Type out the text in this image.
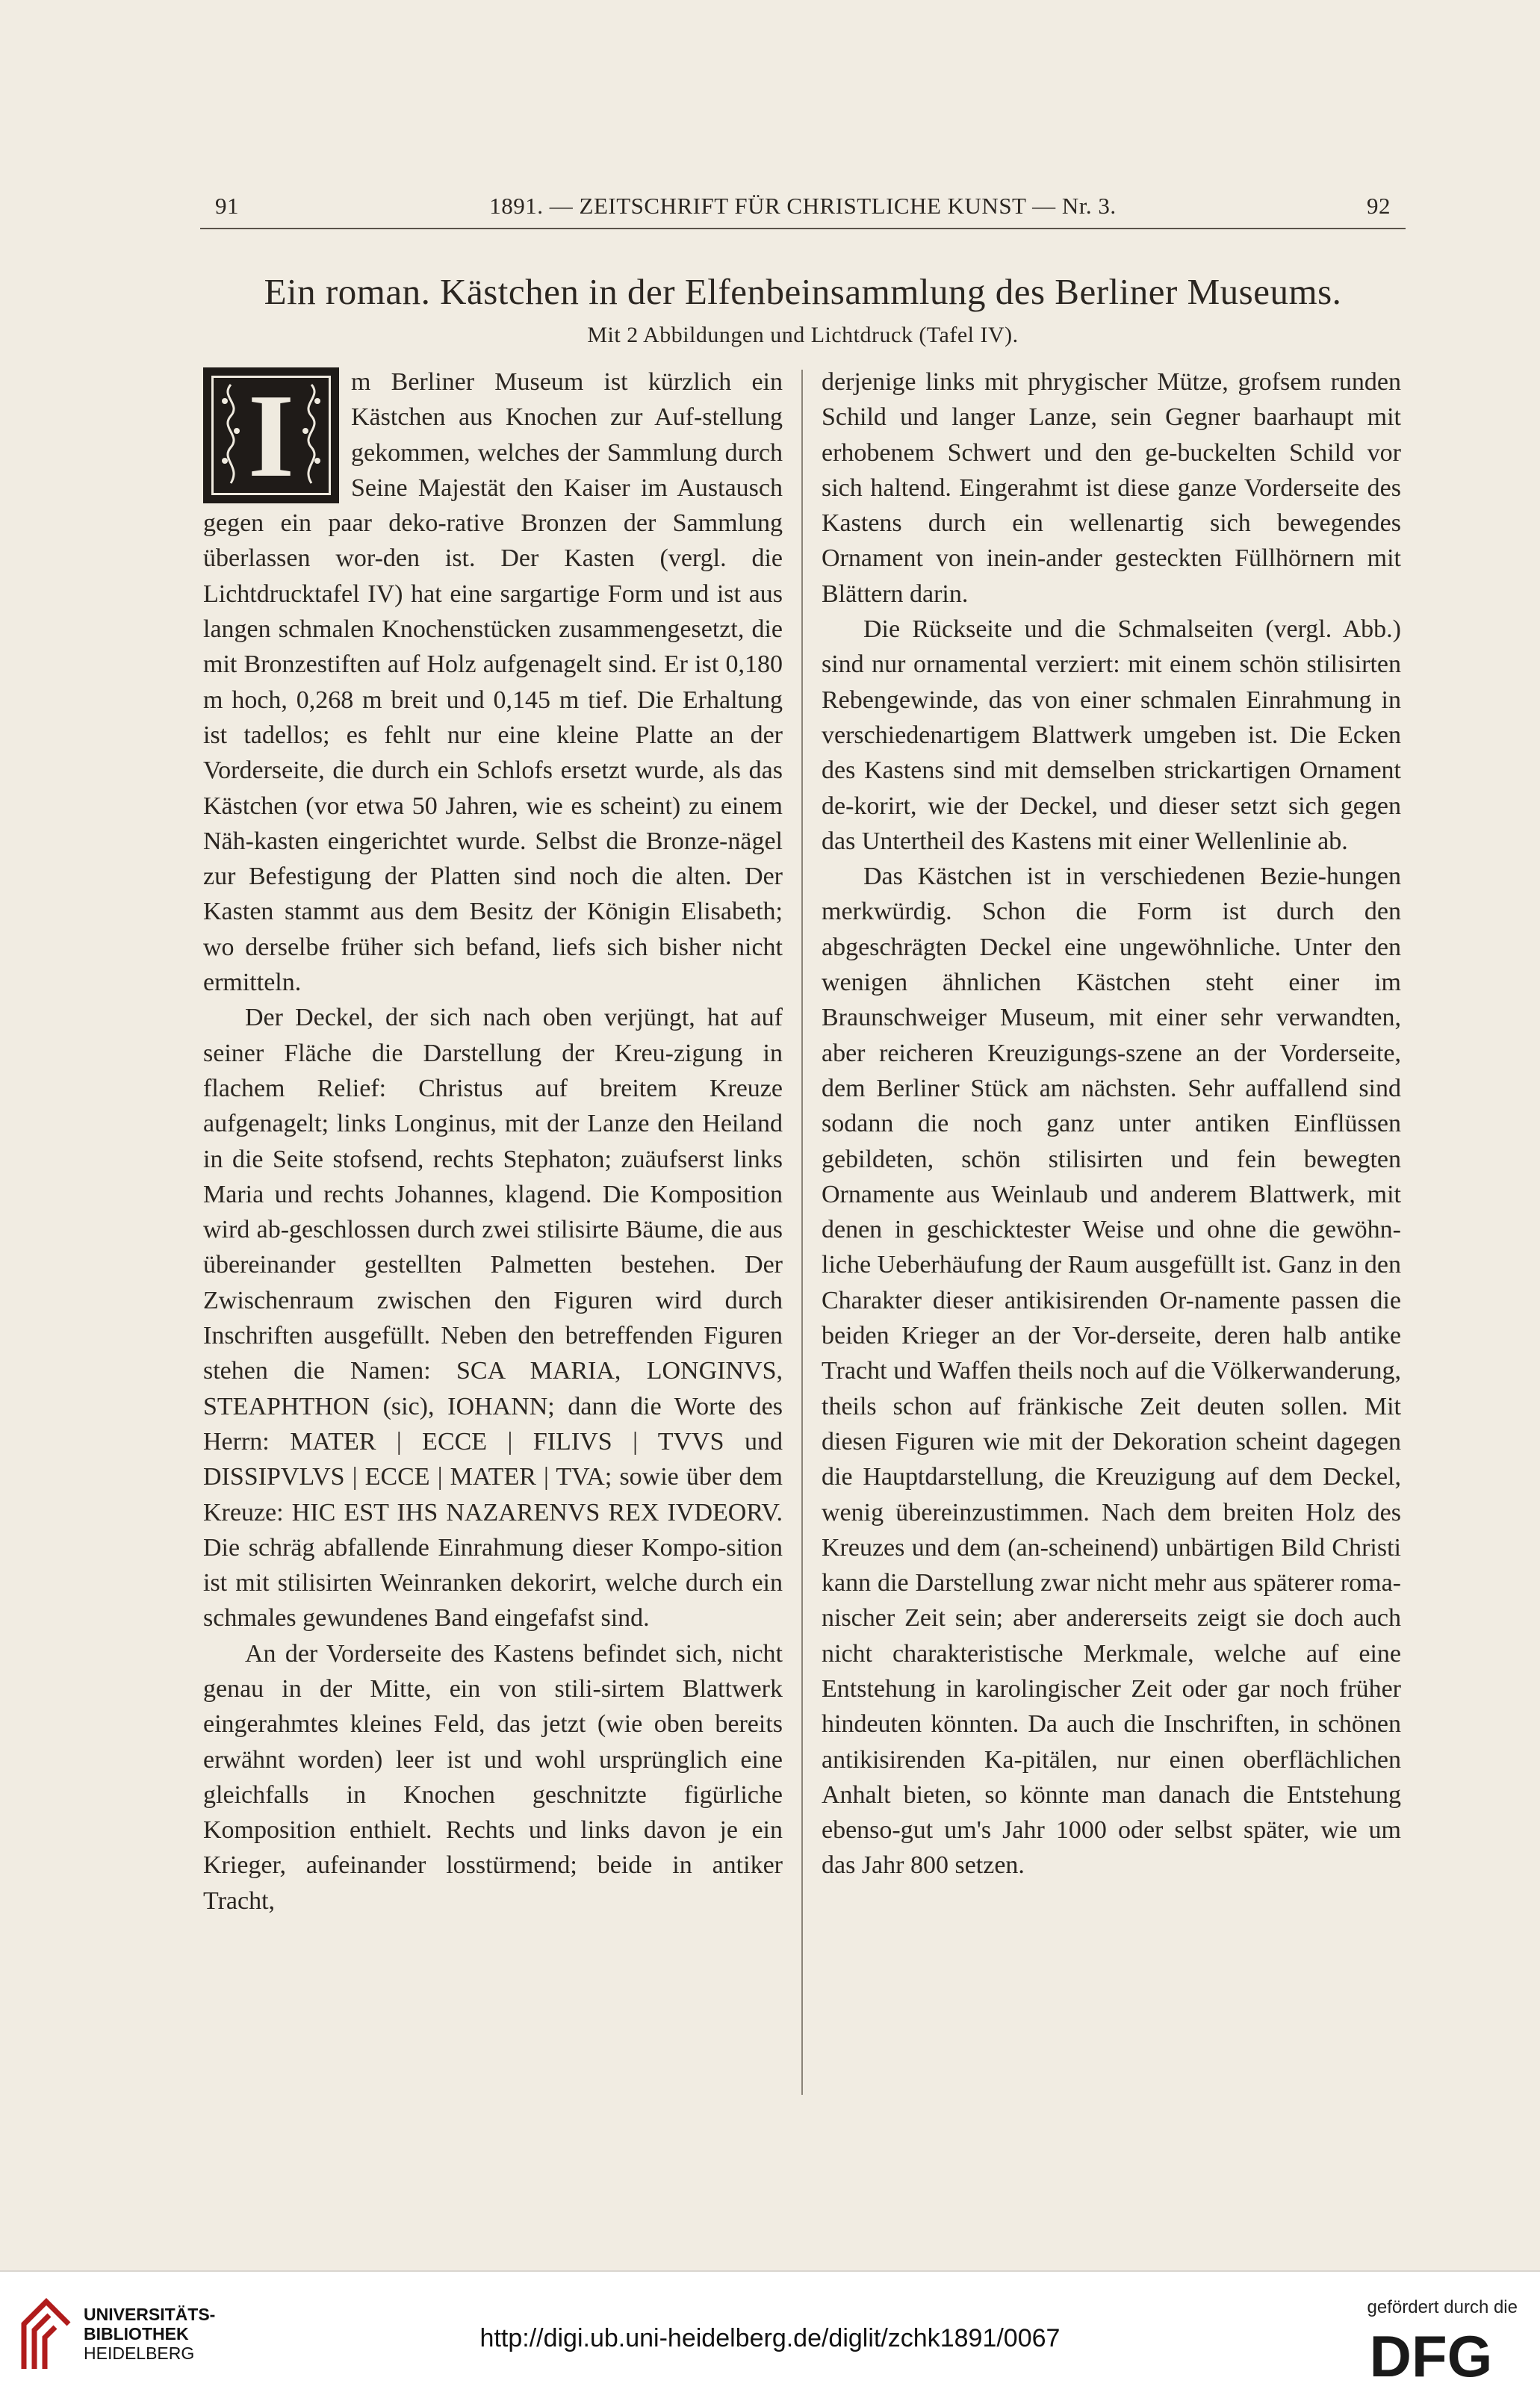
91	1891. — ZEITSCHRIFT FÜR CHRISTLICHE KUNST — Nr. 3.	92
Ein roman. Kästchen in der Elfenbeinsammlung des Berliner Museums.
Mit 2 Abbildungen und Lichtdruck (Tafel IV).
I	m Berliner Museum ist kürzlich ein Kästchen aus Knochen zur Auf-stellung gekommen, welches der Sammlung durch Seine Majestät den Kaiser im Austausch gegen ein paar deko-rative Bronzen der Sammlung überlassen wor-den ist. Der Kasten (vergl. die Lichtdrucktafel IV) hat eine sargartige Form und ist aus langen schmalen Knochenstücken zusammengesetzt, die mit Bronzestiften auf Holz aufgenagelt sind. Er ist 0,180 m hoch, 0,268 m breit und 0,145 m tief. Die Erhaltung ist tadellos; es fehlt nur eine kleine Platte an der Vorderseite, die durch ein Schlofs ersetzt wurde, als das Kästchen (vor etwa 50 Jahren, wie es scheint) zu einem Näh-kasten eingerichtet wurde. Selbst die Bronze-nägel zur Befestigung der Platten sind noch die alten. Der Kasten stammt aus dem Besitz der Königin Elisabeth; wo derselbe früher sich befand, liefs sich bisher nicht ermitteln.

Der Deckel, der sich nach oben verjüngt, hat auf seiner Fläche die Darstellung der Kreu-zigung in flachem Relief: Christus auf breitem Kreuze aufgenagelt; links Longinus, mit der Lanze den Heiland in die Seite stofsend, rechts Stephaton; zuäufserst links Maria und rechts Johannes, klagend. Die Komposition wird ab-geschlossen durch zwei stilisirte Bäume, die aus übereinander gestellten Palmetten bestehen. Der Zwischenraum zwischen den Figuren wird durch Inschriften ausgefüllt. Neben den betreffenden Figuren stehen die Namen: SCA MARIA, LONGINVS, STEAPHTHON (sic), IOHANN; dann die Worte des Herrn: MATER | ECCE | FILIVS | TVVS und DISSIPVLVS | ECCE | MATER | TVA; sowie über dem Kreuze: HIC EST IHS NAZARENVS REX IVDEORV. Die schräg abfallende Einrahmung dieser Kompo-sition ist mit stilisirten Weinranken dekorirt, welche durch ein schmales gewundenes Band eingefafst sind.

An der Vorderseite des Kastens befindet sich, nicht genau in der Mitte, ein von stili-sirtem Blattwerk eingerahmtes kleines Feld, das jetzt (wie oben bereits erwähnt worden) leer ist und wohl ursprünglich eine gleichfalls in Knochen geschnitzte figürliche Komposition enthielt. Rechts und links davon je ein Krieger, aufeinander losstürmend; beide in antiker Tracht,

derjenige links mit phrygischer Mütze, grofsem runden Schild und langer Lanze, sein Gegner baarhaupt mit erhobenem Schwert und den ge-buckelten Schild vor sich haltend. Eingerahmt ist diese ganze Vorderseite des Kastens durch ein wellenartig sich bewegendes Ornament von inein-ander gesteckten Füllhörnern mit Blättern darin.

Die Rückseite und die Schmalseiten (vergl. Abb.) sind nur ornamental verziert: mit einem schön stilisirten Rebengewinde, das von einer schmalen Einrahmung in verschiedenartigem Blattwerk umgeben ist. Die Ecken des Kastens sind mit demselben strickartigen Ornament de-korirt, wie der Deckel, und dieser setzt sich gegen das Untertheil des Kastens mit einer Wellenlinie ab.

Das Kästchen ist in verschiedenen Bezie-hungen merkwürdig. Schon die Form ist durch den abgeschrägten Deckel eine ungewöhnliche. Unter den wenigen ähnlichen Kästchen steht einer im Braunschweiger Museum, mit einer sehr verwandten, aber reicheren Kreuzigungs-szene an der Vorderseite, dem Berliner Stück am nächsten. Sehr auffallend sind sodann die noch ganz unter antiken Einflüssen gebildeten, schön stilisirten und fein bewegten Ornamente aus Weinlaub und anderem Blattwerk, mit denen in geschicktester Weise und ohne die gewöhn-liche Ueberhäufung der Raum ausgefüllt ist. Ganz in den Charakter dieser antikisirenden Or-namente passen die beiden Krieger an der Vor-derseite, deren halb antike Tracht und Waffen theils noch auf die Völkerwanderung, theils schon auf fränkische Zeit deuten sollen. Mit diesen Figuren wie mit der Dekoration scheint dagegen die Hauptdarstellung, die Kreuzigung auf dem Deckel, wenig übereinzustimmen. Nach dem breiten Holz des Kreuzes und dem (an-scheinend) unbärtigen Bild Christi kann die Darstellung zwar nicht mehr aus späterer roma-nischer Zeit sein; aber andererseits zeigt sie doch auch nicht charakteristische Merkmale, welche auf eine Entstehung in karolingischer Zeit oder gar noch früher hindeuten könnten. Da auch die Inschriften, in schönen antikisirenden Ka-pitälen, nur einen oberflächlichen Anhalt bieten, so könnte man danach die Entstehung ebenso-gut um's Jahr 1000 oder selbst später, wie um das Jahr 800 setzen.

UNIVERSITÄTS-
BIBLIOTHEK
HEIDELBERG
http://digi.ub.uni-heidelberg.de/diglit/zchk1891/0067
gefördert durch die
DFG
